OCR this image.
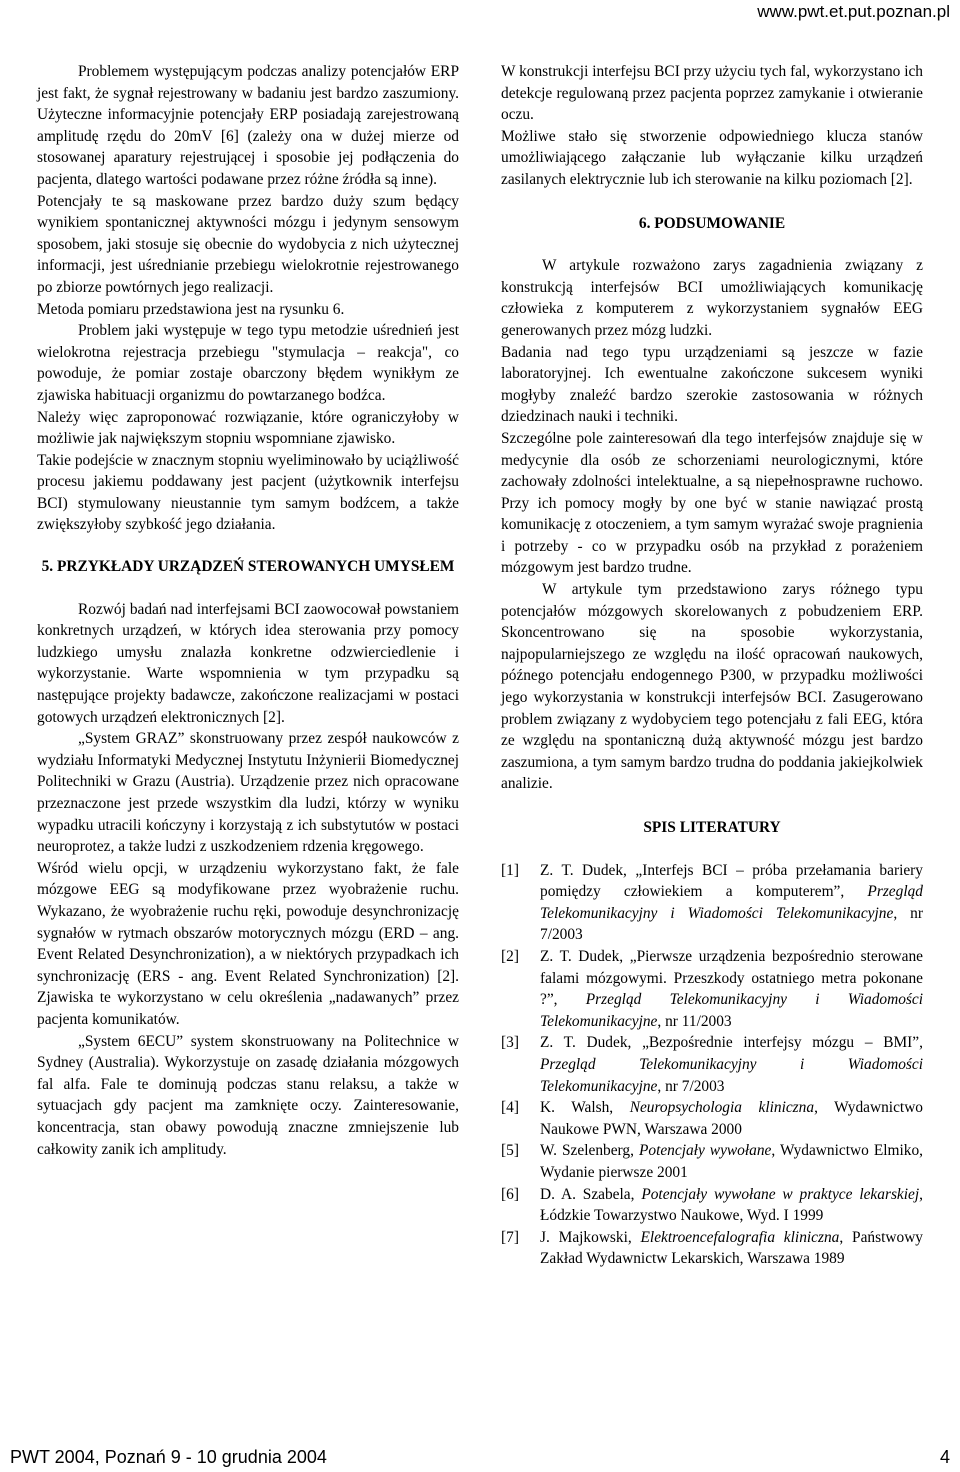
www.pwt.et.put.poznan.pl

Problemem występującym podczas analizy potencjałów ERP jest fakt, że sygnał rejestrowany w badaniu jest bardzo zaszumiony. Użyteczne informacyjnie potencjały ERP posiadają zarejestrowaną amplitudę rzędu do 20mV [6] (zależy ona w dużej mierze od stosowanej aparatury rejestrującej i sposobie jej podłączenia do pacjenta, dlatego wartości podawane przez różne źródła są inne).

Potencjały te są maskowane przez bardzo duży szum będący wynikiem spontanicznej aktywności mózgu i jedynym sensowym sposobem, jaki stosuje się obecnie do wydobycia z nich użytecznej informacji, jest uśrednianie przebiegu wielokrotnie rejestrowanego po zbiorze powtórnych jego realizacji.

Metoda pomiaru przedstawiona jest na rysunku 6.

Problem jaki występuje w tego typu metodzie uśrednień jest wielokrotna rejestracja przebiegu "stymulacja – reakcja", co powoduje, że pomiar zostaje obarczony błędem wynikłym ze zjawiska habituacji organizmu do powtarzanego bodźca.

Należy więc zaproponować rozwiązanie, które ograniczyłoby w możliwie jak największym stopniu wspomniane zjawisko.

Takie podejście w znacznym stopniu wyeliminowało by uciążliwość procesu jakiemu poddawany jest pacjent (użytkownik interfejsu BCI) stymulowany nieustannie tym samym bodźcem, a także zwiększyłoby szybkość jego działania.

5. PRZYKŁADY URZĄDZEŃ STEROWANYCH UMYSŁEM

Rozwój badań nad interfejsami BCI zaowocował powstaniem konkretnych urządzeń, w których idea sterowania przy pomocy ludzkiego umysłu znalazła konkretne odzwierciedlenie i wykorzystanie. Warte wspomnienia w tym przypadku są następujące projekty badawcze, zakończone realizacjami w postaci gotowych urządzeń elektronicznych [2].

„System GRAZ” skonstruowany przez zespół naukowców z wydziału Informatyki Medycznej Instytutu Inżynierii Biomedycznej Politechniki w Grazu (Austria). Urządzenie przez nich opracowane przeznaczone jest przede wszystkim dla ludzi, którzy w wyniku wypadku utracili kończyny i korzystają z ich substytutów w postaci neuroprotez, a także ludzi z uszkodzeniem rdzenia kręgowego.

Wśród wielu opcji, w urządzeniu wykorzystano fakt, że fale mózgowe EEG są modyfikowane przez wyobrażenie ruchu. Wykazano, że wyobrażenie ruchu ręki, powoduje desynchronizację sygnałów w rytmach obszarów motorycznych mózgu (ERD – ang. Event Related Desynchronization), a w niektórych przypadkach ich synchronizację (ERS - ang. Event Related Synchronization) [2]. Zjawiska te wykorzystano w celu określenia „nadawanych” przez pacjenta komunikatów.

„System 6ECU” system skonstruowany na Politechnice w Sydney (Australia). Wykorzystuje on zasadę działania mózgowych fal alfa. Fale te dominują podczas stanu relaksu, a także w sytuacjach gdy pacjent ma zamknięte oczy. Zainteresowanie, koncentracja, stan obawy powodują znaczne zmniejszenie lub całkowity zanik ich amplitudy.

W konstrukcji interfejsu BCI przy użyciu tych fal, wykorzystano ich detekcje regulowaną przez pacjenta poprzez zamykanie i otwieranie oczu.

Możliwe stało się stworzenie odpowiedniego klucza stanów umożliwiającego załączanie lub wyłączanie kilku urządzeń zasilanych elektrycznie lub ich sterowanie na kilku poziomach [2].

6. PODSUMOWANIE

W artykule rozważono zarys zagadnienia związany z konstrukcją interfejsów BCI umożliwiających komunikację człowieka z komputerem z wykorzystaniem sygnałów EEG generowanych przez mózg ludzki.

Badania nad tego typu urządzeniami są jeszcze w fazie laboratoryjnej. Ich ewentualne zakończone sukcesem wyniki mogłyby znaleźć bardzo szerokie zastosowania w różnych dziedzinach nauki i techniki.

Szczególne pole zainteresowań dla tego interfejsów znajduje się w medycynie dla osób ze schorzeniami neurologicznymi, które zachowały zdolności intelektualne, a są niepełnosprawne ruchowo. Przy ich pomocy mogły by one być w stanie nawiązać prostą komunikację z otoczeniem, a tym samym wyrażać swoje pragnienia i potrzeby - co w przypadku osób na przykład z porażeniem mózgowym jest bardzo trudne.

W artykule tym przedstawiono zarys różnego typu potencjałów mózgowych skorelowanych z pobudzeniem ERP. Skoncentrowano się na sposobie wykorzystania, najpopularniejszego ze względu na ilość opracowań naukowych, późnego potencjału endogennego P300, w przypadku możliwości jego wykorzystania w konstrukcji interfejsów BCI. Zasugerowano problem związany z wydobyciem tego potencjału z fali EEG, która ze względu na spontaniczną dużą aktywność mózgu jest bardzo zaszumiona, a tym samym bardzo trudna do poddania jakiejkolwiek analizie.

SPIS LITERATURY
[1]	Z. T. Dudek, „Interfejs BCI – próba przełamania bariery pomiędzy człowiekiem a komputerem”, Przegląd Telekomunikacyjny i Wiadomości Telekomunikacyjne, nr 7/2003
[2]	Z. T. Dudek, „Pierwsze urządzenia bezpośrednio sterowane falami mózgowymi. Przeszkody ostatniego metra pokonane ?”, Przegląd Telekomunikacyjny i Wiadomości Telekomunikacyjne, nr 11/2003
[3]	Z. T. Dudek, „Bezpośrednie interfejsy mózgu – BMI”, Przegląd Telekomunikacyjny i Wiadomości Telekomunikacyjne, nr 7/2003
[4]	K. Walsh, Neuropsychologia kliniczna, Wydawnictwo Naukowe PWN, Warszawa 2000
[5]	W. Szelenberg, Potencjały wywołane, Wydawnictwo Elmiko, Wydanie pierwsze 2001
[6]	D. A. Szabela, Potencjały wywołane w praktyce lekarskiej, Łódzkie Towarzystwo Naukowe, Wyd. I 1999
[7]	J. Majkowski, Elektroencefalografia kliniczna, Państwowy Zakład Wydawnictw Lekarskich, Warszawa 1989
PWT 2004, Poznań 9 - 10 grudnia 2004	4
